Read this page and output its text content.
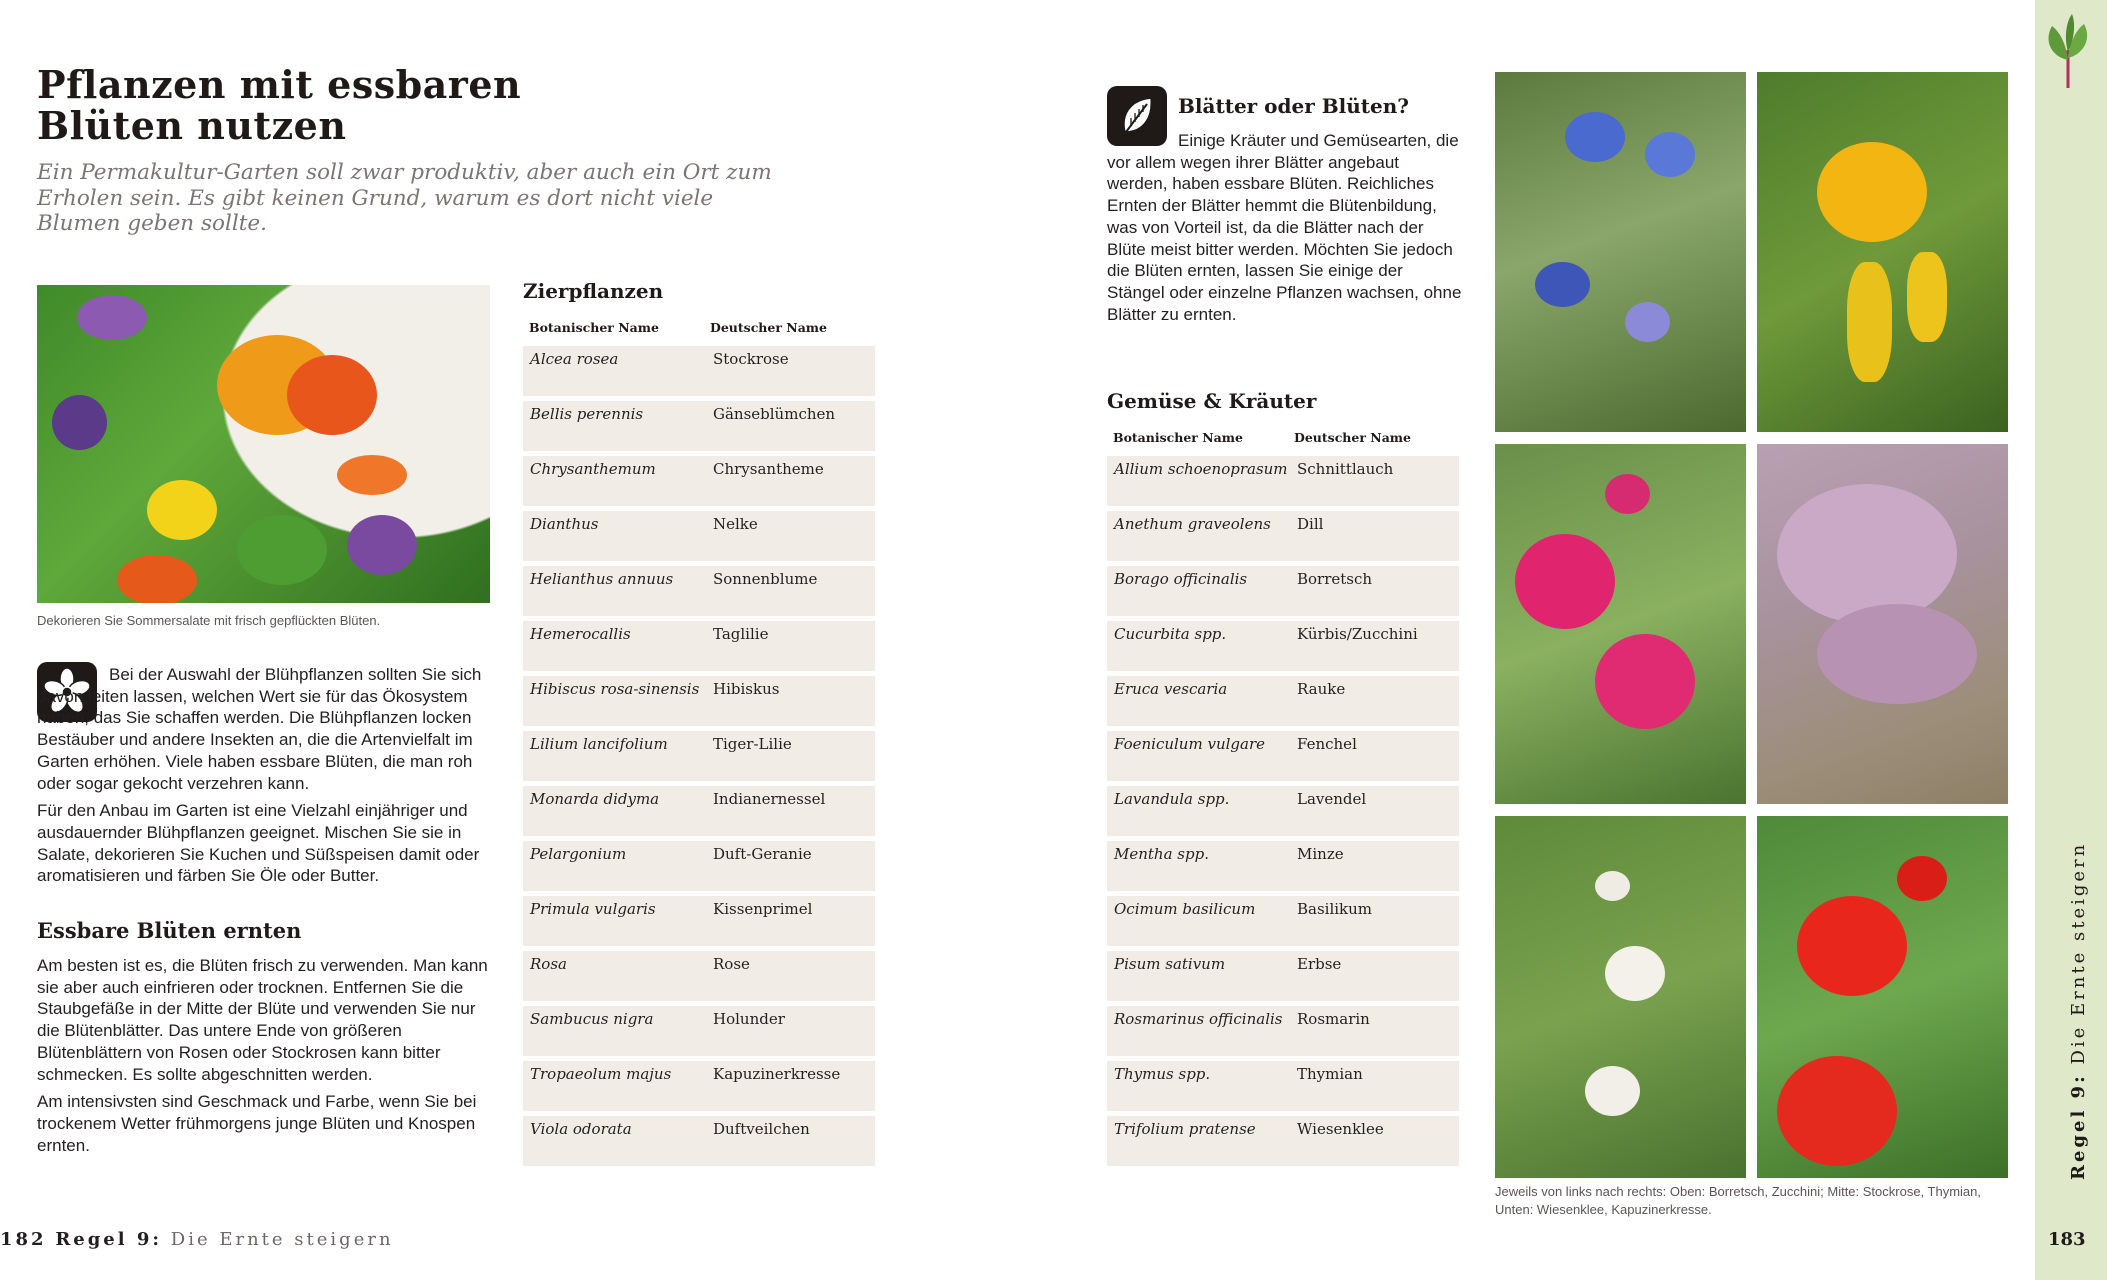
Pflanzen mit essbaren
Blüten nutzen
Ein Permakultur-Garten soll zwar produktiv, aber auch ein Ort zum Erholen sein. Es gibt keinen Grund, warum es dort nicht viele Blumen geben sollte.
Dekorieren Sie Sommersalate mit frisch gepflückten Blüten.

Bei der Auswahl der Blühpflanzen sollten Sie sich davon leiten lassen, welchen Wert sie für das Ökosystem haben, das Sie schaffen werden. Die Blühpflanzen locken Bestäuber und andere Insekten an, die die Artenvielfalt im Garten erhöhen. Viele haben essbare Blüten, die man roh oder sogar gekocht verzehren kann.

Für den Anbau im Garten ist eine Vielzahl einjähriger und ausdauernder Blühpflanzen geeignet. Mischen Sie sie in Salate, dekorieren Sie Kuchen und Süßspeisen damit oder aromatisieren und färben Sie Öle oder Butter.

Essbare Blüten ernten

Am besten ist es, die Blüten frisch zu verwenden. Man kann sie aber auch einfrieren oder trocknen. Entfernen Sie die Staubgefäße in der Mitte der Blüte und verwenden Sie nur die Blütenblätter. Das untere Ende von größeren Blütenblättern von Rosen oder Stockrosen kann bitter schmecken. Es sollte abgeschnitten werden.

Am intensivsten sind Geschmack und Farbe, wenn Sie bei trockenem Wetter frühmorgens junge Blüten und Knospen ernten.

Zierpflanzen
Botanischer Name	Deutscher Name
Alcea rosea	Stockrose
Bellis perennis	Gänseblümchen
Chrysanthemum	Chrysantheme
Dianthus	Nelke
Helianthus annuus	Sonnenblume
Hemerocallis	Taglilie
Hibiscus rosa-sinensis Hibiskus
Lilium lancifolium	Tiger-Lilie
Monarda didyma	Indianernessel
Pelargonium	Duft-Geranie
Primula vulgaris	Kissenprimel
Rosa	Rose
Sambucus nigra	Holunder
Tropaeolum majus	Kapuzinerkresse
Viola odorata	Duftveilchen
182 Regel 9: Die Ernte steigern
Blätter oder Blüten?
Einige Kräuter und Gemüsearten, die vor allem wegen ihrer Blätter angebaut werden, haben essbare Blüten. Reichliches Ernten der Blätter hemmt die Blütenbildung, was von Vorteil ist, da die Blätter nach der Blüte meist bitter werden. Möchten Sie jedoch die Blüten ernten, lassen Sie einige der Stängel oder einzelne Pflanzen wachsen, ohne Blätter zu ernten.
Gemüse & Kräuter
Botanischer Name	Deutscher Name
Allium schoenoprasum Schnittlauch
Anethum graveolens	Dill
Borago officinalis	Borretsch
Cucurbita spp.	Kürbis/Zucchini
Eruca vescaria	Rauke
Foeniculum vulgare	Fenchel
Lavandula spp.	Lavendel
Mentha spp.	Minze
Ocimum basilicum	Basilikum
Pisum sativum	Erbse
Rosmarinus officinalis Rosmarin
Thymus spp.	Thymian
Trifolium pratense	Wiesenklee
Jeweils von links nach rechts: Oben: Borretsch, Zucchini; Mitte: Stockrose, Thymian, Unten: Wiesenklee, Kapuzinerkresse.
Regel 9: Die Ernte steigern
183
